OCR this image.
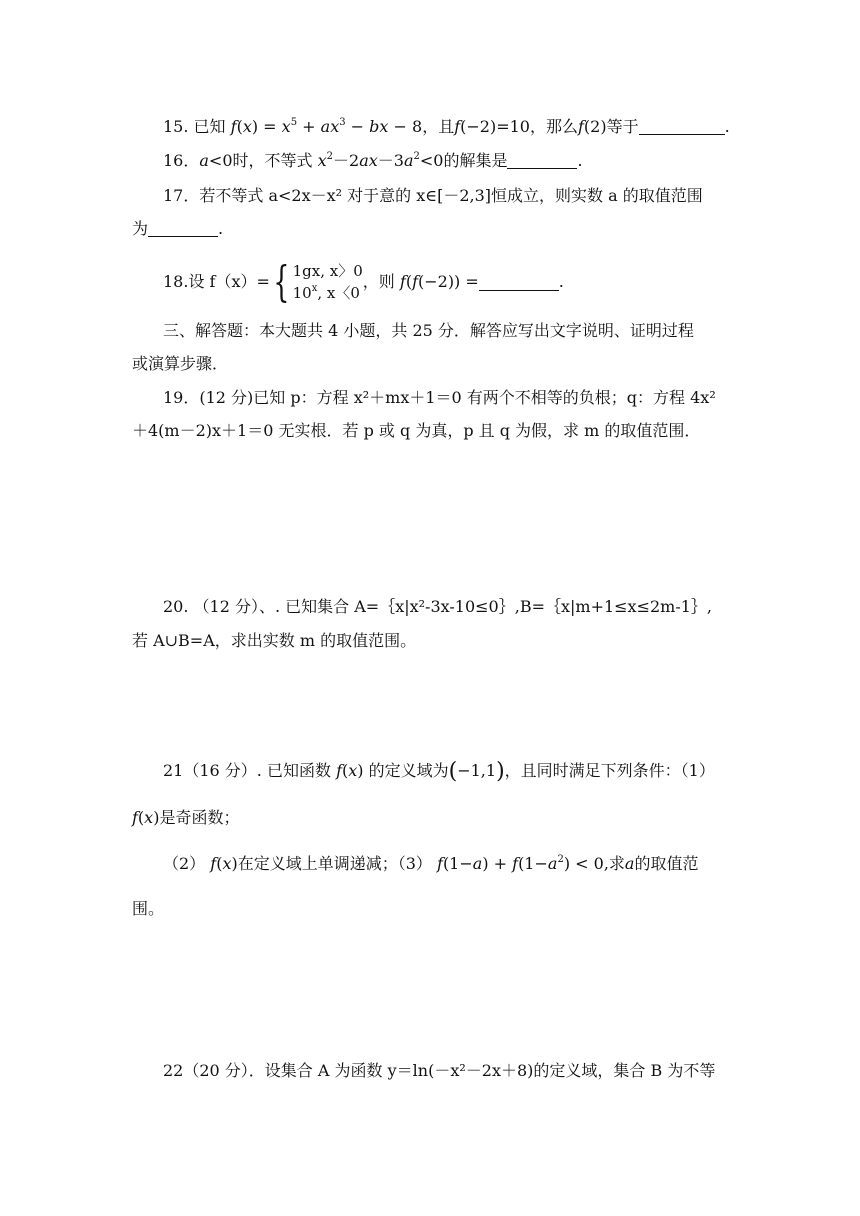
15. 已知 $f(x) = x^5 + ax^3$ − bx − 8，且f(−2)=10，那么f(2)等于	.
16．a<0时，不等式 $x^2-2ax-3a^2<0$的解集是	.
17．若不等式 a<2x－x² 对于意的 x∈[－2,3]恒成立，则实数 a 的取值范围
为	.
18.设 f（x）={ 1gx, x〉0
10$^x$, x〈0，则 f(f(−2)) =	.
三、解答题：本大题共 4 小题，共 25 分．解答应写出文字说明、证明过程
或演算步骤．
19．(12 分)已知 p：方程 x²＋mx＋1＝0 有两个不相等的负根；q：方程 4x²
＋4(m－2)x＋1＝0 无实根．若 p 或 q 为真，p 且 q 为假，求 m 的取值范围．
20. （12 分）、. 已知集合 A=｛x|x²-3x-10≤0｝,B=｛x|m+1≤x≤2m-1｝,
若 A∪B=A，求出实数 m 的取值范围。
21（16 分）. 已知函数 f(x) 的定义域为(−1,1)，且同时满足下列条件：（1）
f(x)是奇函数；
（2） f(x)在定义域上单调递减；（3） $f(1-a) + f(1-a^2) < 0$,求a的取值范
围。
22（20 分）．设集合 A 为函数 y＝ln(－x²－2x＋8)的定义域，集合 B 为不等
